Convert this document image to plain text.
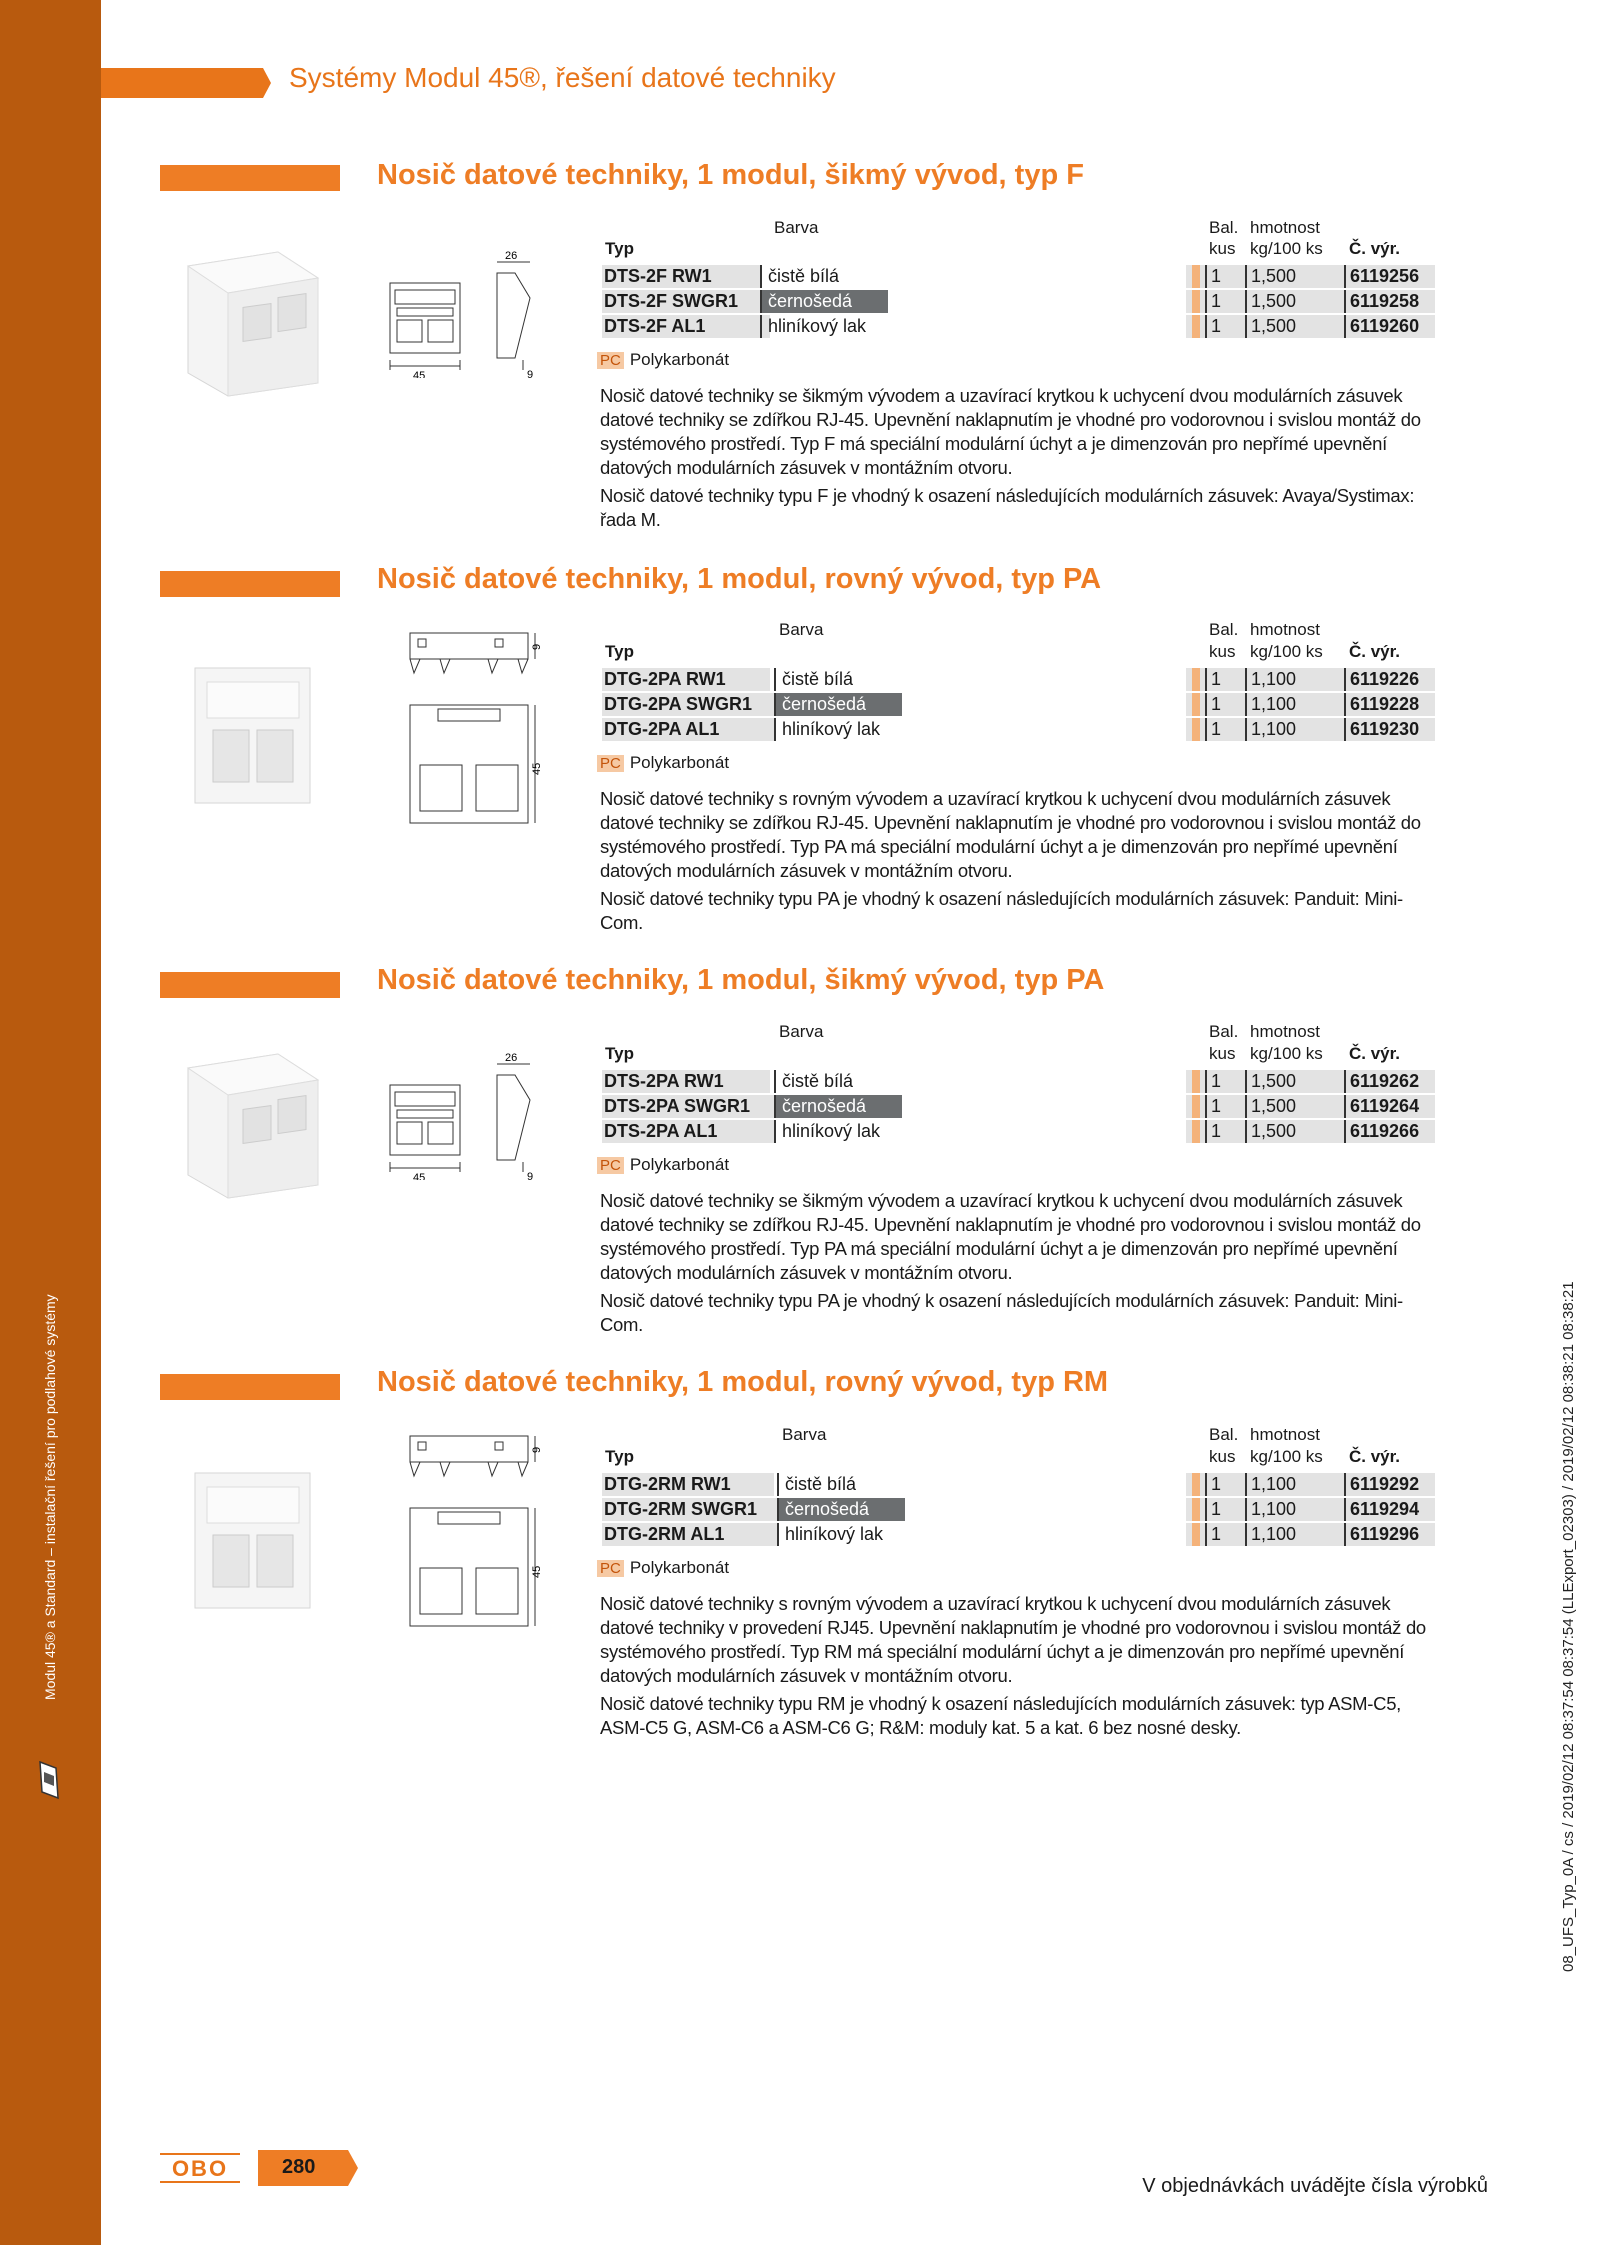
Modul 45® a Standard – instalační řešení pro podlahové systémy
Systémy Modul 45®, řešení datové techniky
Nosič datové techniky, 1 modul, šikmý vývod, typ F
45
26
9
Barva	Bal. hmotnost
Typ	kus kg/100 ks Č. výr.
DTS-2F RW1	čistě bílá	1	1,500	6119256
DTS-2F SWGR1	černošedá	1	1,500	6119258
DTS-2F AL1	hliníkový lak	1	1,500	6119260
PC Polykarbonát

Nosič datové techniky se šikmým vývodem a uzavírací krytkou k uchycení dvou modulárních zásuvek datové techniky se zdířkou RJ-45. Upevnění naklapnutím je vhodné pro vodorovnou i svislou montáž do systémového prostředí. Typ F má speciální modulární úchyt a je dimenzován pro nepřímé upevnění datových modulárních zásuvek v montážním otvoru.

Nosič datové techniky typu F je vhodný k osazení následujících modulárních zásuvek: Avaya/Systimax: řada M.

Nosič datové techniky, 1 modul, rovný vývod, typ PA
9
45
Barva	Bal. hmotnost
Typ	kus kg/100 ks Č. výr.
DTG-2PA RW1	čistě bílá	1	1,100	6119226
DTG-2PA SWGR1	černošedá	1	1,100	6119228
DTG-2PA AL1	hliníkový lak	1	1,100	6119230
PC Polykarbonát

Nosič datové techniky s rovným vývodem a uzavírací krytkou k uchycení dvou modulárních zásuvek datové techniky se zdířkou RJ-45. Upevnění naklapnutím je vhodné pro vodorovnou i svislou montáž do systémového prostředí. Typ PA má speciální modulární úchyt a je dimenzován pro nepřímé upevnění datových modulárních zásuvek v montážním otvoru.

Nosič datové techniky typu PA je vhodný k osazení následujících modulárních zásuvek: Panduit: Mini-Com.

Nosič datové techniky, 1 modul, šikmý vývod, typ PA
45
26
9
Barva	Bal. hmotnost
Typ	kus kg/100 ks Č. výr.
DTS-2PA RW1	čistě bílá	1	1,500	6119262
DTS-2PA SWGR1	černošedá	1	1,500	6119264
DTS-2PA AL1	hliníkový lak	1	1,500	6119266
PC Polykarbonát

Nosič datové techniky se šikmým vývodem a uzavírací krytkou k uchycení dvou modulárních zásuvek datové techniky se zdířkou RJ-45. Upevnění naklapnutím je vhodné pro vodorovnou i svislou montáž do systémového prostředí. Typ PA má speciální modulární úchyt a je dimenzován pro nepřímé upevnění datových modulárních zásuvek v montážním otvoru.

Nosič datové techniky typu PA je vhodný k osazení následujících modulárních zásuvek: Panduit: Mini-Com.

Nosič datové techniky, 1 modul, rovný vývod, typ RM
9
45
Barva	Bal. hmotnost
Typ	kus kg/100 ks Č. výr.
DTG-2RM RW1	čistě bílá	1	1,100	6119292
DTG-2RM SWGR1	černošedá	1	1,100	6119294
DTG-2RM AL1	hliníkový lak	1	1,100	6119296
PC Polykarbonát

Nosič datové techniky s rovným vývodem a uzavírací krytkou k uchycení dvou modulárních zásuvek datové techniky v provedení RJ45. Upevnění naklapnutím je vhodné pro vodorovnou i svislou montáž do systémového prostředí. Typ RM má speciální modulární úchyt a je dimenzován pro nepřímé upevnění datových modulárních zásuvek v montážním otvoru.

Nosič datové techniky typu RM je vhodný k osazení následujících modulárních zásuvek: typ ASM-C5, ASM-C5 G, ASM-C6 a ASM-C6 G; R&M: moduly kat. 5 a kat. 6 bez nosné desky.	08_UFS_Typ_0A / cs / 2019/02/12 08:37:54 08:37:54 (LLExport_02303) / 2019/02/12 08:38:21 08:38:21
OBO	280
V objednávkách uvádějte čísla výrobků
